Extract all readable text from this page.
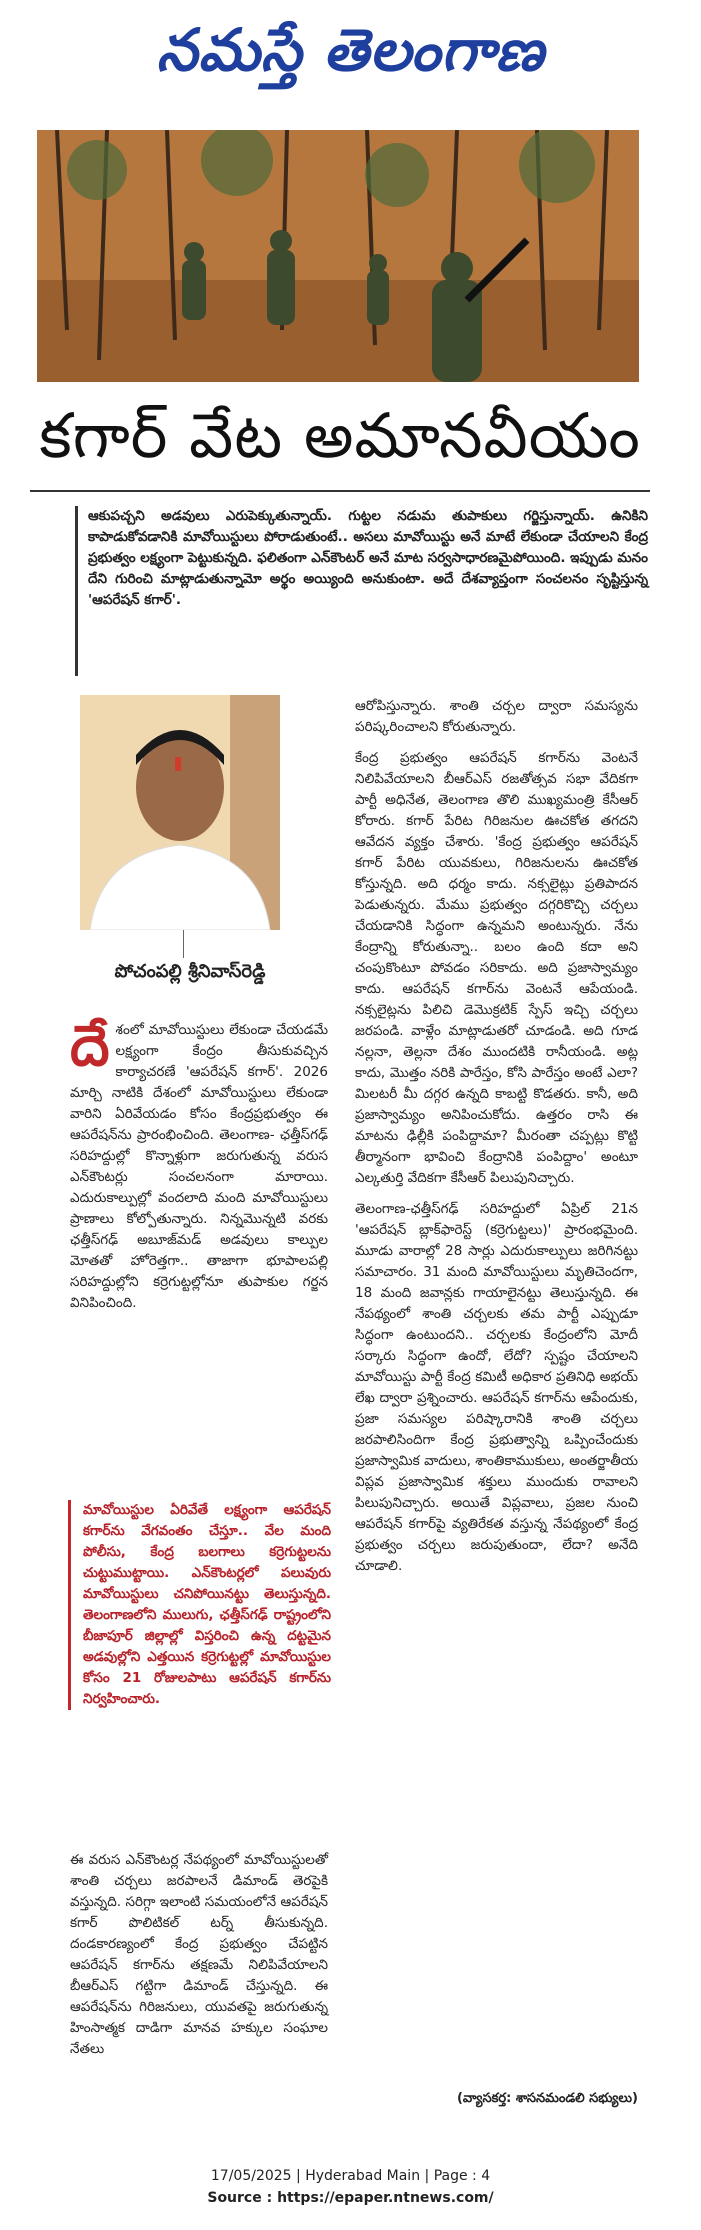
నమస్తే తెలంగాణ
కగార్ వేట అమానవీయం

ఆకుపచ్చని అడవులు ఎరుపెక్కుతున్నాయ్. గుట్టల నడుమ తుపాకులు గర్జిస్తున్నాయ్. ఉనికిని కాపాడుకోవడానికి మావోయిస్టులు పోరాడుతుంటే.. అసలు మావోయిస్టు అనే మాటే లేకుండా చేయాలని కేంద్ర ప్రభుత్వం లక్ష్యంగా పెట్టుకున్నది. ఫలితంగా ఎన్‌కౌంటర్ అనే మాట సర్వసాధారణమైపోయింది. ఇప్పుడు మనం దేని గురించి మాట్లాడుతున్నామో అర్థం అయ్యింది అనుకుంటా. అదే దేశవ్యాప్తంగా సంచలనం సృష్టిస్తున్న 'ఆపరేషన్ కగార్'.

పోచంపల్లి శ్రీనివాస్‌రెడ్డి

దే శంలో మావోయిస్టులు లేకుండా చేయడమే లక్ష్యంగా కేంద్రం తీసుకువచ్చిన కార్యాచరణే 'ఆపరేషన్ కగార్'. 2026 మార్చి నాటికి దేశంలో మావోయిస్టులు లేకుండా వారిని ఏరివేయడం కోసం కేంద్రప్రభుత్వం ఈ ఆపరేషన్‌ను ప్రారంభించింది. తెలంగాణ- ఛత్తీస్‌గఢ్ సరిహద్దుల్లో కొన్నాళ్లుగా జరుగుతున్న వరుస ఎన్‌కౌంటర్లు సంచలనంగా మారాయి. ఎదురుకాల్పుల్లో వందలాది మంది మావోయిస్టులు ప్రాణాలు కోల్పోతున్నారు. నిన్నమొన్నటి వరకు ఛత్తీస్‌గఢ్ అబూజ్‌మడ్ అడవులు కాల్పుల మోతతో హోరెత్తగా.. తాజాగా భూపాలపల్లి సరిహద్దుల్లోని కర్రెగుట్టల్లోనూ తుపాకుల గర్జన వినిపించింది.

మావోయిస్టుల ఏరివేతే లక్ష్యంగా ఆపరేషన్ కగార్‌ను వేగవంతం చేస్తూ.. వేల మంది పోలీసు, కేంద్ర బలగాలు కర్రెగుట్టలను చుట్టుముట్టాయి. ఎన్‌కౌంటర్లలో పలువురు మావోయిస్టులు చనిపోయినట్టు తెలుస్తున్నది. తెలంగాణలోని ములుగు, ఛత్తీస్‌గఢ్ రాష్ట్రంలోని బీజాపూర్ జిల్లాల్లో విస్తరించి ఉన్న దట్టమైన అడవుల్లోని ఎత్తయిన కర్రెగుట్టల్లో మావోయిస్టుల కోసం 21 రోజులపాటు ఆపరేషన్ కగార్‌ను నిర్వహించారు.

ఈ వరుస ఎన్‌కౌంటర్ల నేపథ్యంలో మావోయిస్టులతో శాంతి చర్చలు జరపాలనే డిమాండ్ తెరపైకి వస్తున్నది. సరిగ్గా ఇలాంటి సమయంలోనే ఆపరేషన్ కగార్ పొలిటికల్ టర్న్ తీసుకున్నది. దండకారణ్యంలో కేంద్ర ప్రభుత్వం చేపట్టిన ఆపరేషన్ కగార్‌ను తక్షణమే నిలిపివేయాలని బీఆర్‌ఎస్ గట్టిగా డిమాండ్ చేస్తున్నది. ఈ ఆపరేషన్‌ను గిరిజనులు, యువతపై జరుగుతున్న హింసాత్మక దాడిగా మానవ హక్కుల సంఘాల నేతలు

ఆరోపిస్తున్నారు. శాంతి చర్చల ద్వారా సమస్యను పరిష్కరించాలని కోరుతున్నారు.

కేంద్ర ప్రభుత్వం ఆపరేషన్ కగార్‌ను వెంటనే నిలిపివేయాలని బీఆర్‌ఎస్ రజతోత్సవ సభా వేదికగా పార్టీ అధినేత, తెలంగాణ తొలి ముఖ్యమంత్రి కేసీఆర్ కోరారు. కగార్ పేరిట గిరిజనుల ఊచకోత తగదని ఆవేదన వ్యక్తం చేశారు. 'కేంద్ర ప్రభుత్వం ఆపరేషన్ కగార్ పేరిట యువకులు, గిరిజనులను ఊచకోత కోస్తున్నది. అది ధర్మం కాదు. నక్సలైట్లు ప్రతిపాదన పెడుతున్నరు. మేము ప్రభుత్వం దగ్గరికొచ్చి చర్చలు చేయడానికి సిద్ధంగా ఉన్నమని అంటున్నరు. నేను కేంద్రాన్ని కోరుతున్నా.. బలం ఉంది కదా అని చంపుకొంటూ పోవడం సరికాదు. అది ప్రజాస్వామ్యం కాదు. ఆపరేషన్ కగార్‌ను వెంటనే ఆపేయండి. నక్సలైట్లను పిలిచి డెమొక్రటిక్ స్పేస్ ఇచ్చి చర్చలు జరపండి. వాళ్లేం మాట్లాడుతరో చూడండి. అది గూడ నల్లనా, తెల్లనా దేశం ముందటికి రానీయండి. అట్ల కాదు, మొత్తం నరికి పారేస్తం, కోసి పారేస్తం అంటే ఎలా? మిలటరీ మీ దగ్గర ఉన్నది కాబట్టి కొడతరు. కానీ, అది ప్రజాస్వామ్యం అనిపించుకోదు. ఉత్తరం రాసి ఈ మాటను ఢిల్లీకి పంపిద్దామా? మీరంతా చప్పట్లు కొట్టి తీర్మానంగా భావించి కేంద్రానికి పంపిద్దాం' అంటూ ఎల్కతుర్తి వేదికగా కేసీఆర్ పిలుపునిచ్చారు.

తెలంగాణ-ఛత్తీస్‌గఢ్ సరిహద్దులో ఏప్రిల్ 21న 'ఆపరేషన్ బ్లాక్‌ఫారెస్ట్ (కర్రెగుట్టలు)' ప్రారంభమైంది. మూడు వారాల్లో 28 సార్లు ఎదురుకాల్పులు జరిగినట్టు సమాచారం. 31 మంది మావోయిస్టులు మృతిచెందగా, 18 మంది జవాన్లకు గాయాలైనట్టు తెలుస్తున్నది. ఈ నేపథ్యంలో శాంతి చర్చలకు తమ పార్టీ ఎప్పుడూ సిద్ధంగా ఉంటుందని.. చర్చలకు కేంద్రంలోని మోదీ సర్కారు సిద్ధంగా ఉందో, లేదో? స్పష్టం చేయాలని మావోయిస్టు పార్టీ కేంద్ర కమిటీ అధికార ప్రతినిధి అభయ్ లేఖ ద్వారా ప్రశ్నించారు. ఆపరేషన్ కగార్‌ను ఆపేందుకు, ప్రజా సమస్యల పరిష్కారానికి శాంతి చర్చలు జరపాలిసిందిగా కేంద్ర ప్రభుత్వాన్ని ఒప్పించేందుకు ప్రజాస్వామిక వాదులు, శాంతికాముకులు, అంతర్జాతీయ విప్లవ ప్రజాస్వామిక శక్తులు ముందుకు రావాలని పిలుపునిచ్చారు. అయితే విప్లవాలు, ప్రజల నుంచి ఆపరేషన్ కగార్‌పై వ్యతిరేకత వస్తున్న నేపథ్యంలో కేంద్ర ప్రభుత్వం చర్చలు జరుపుతుందా, లేదా? అనేది చూడాలి.

(వ్యాసకర్త: శాసనమండలి సభ్యులు)
17/05/2025 | Hyderabad Main | Page : 4
Source : https://epaper.ntnews.com/
